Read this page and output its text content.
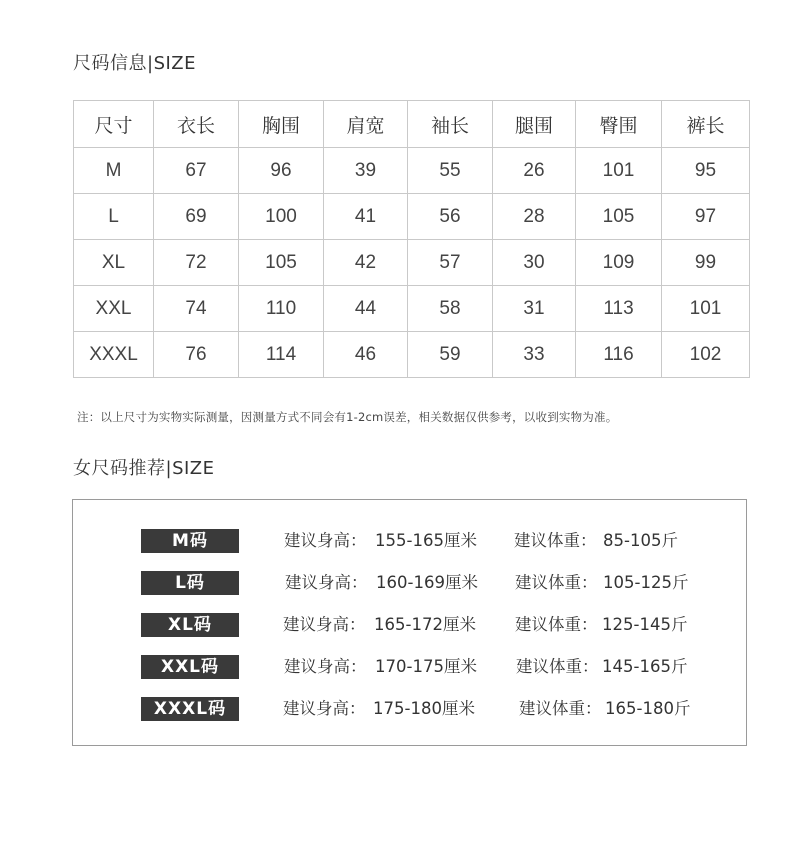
尺码信息|SIZE
尺寸	衣长	胸围	肩宽	袖长	腿围	臀围	裤长
M	67	96	39	55	26	101	95
L	69	100	41	56	28	105	97
XL	72	105	42	57	30	109	99
XXL	74	110	44	58	31	113	101
XXXL	76	114	46	59	33	116	102
注：以上尺寸为实物实际测量，因测量方式不同会有1-2cm误差，相关数据仅供参考，以收到实物为准。
女尺码推荐|SIZE
M码	建议身高： 155-165厘米 建议体重： 85-105斤
L码	建议身高： 160-169厘米 建议体重： 105-125斤
XL码	建议身高： 165-172厘米 建议体重： 125-145斤
XXL码	建议身高： 170-175厘米 建议体重： 145-165斤
XXXL码	建议身高： 175-180厘米	建议体重： 165-180斤
